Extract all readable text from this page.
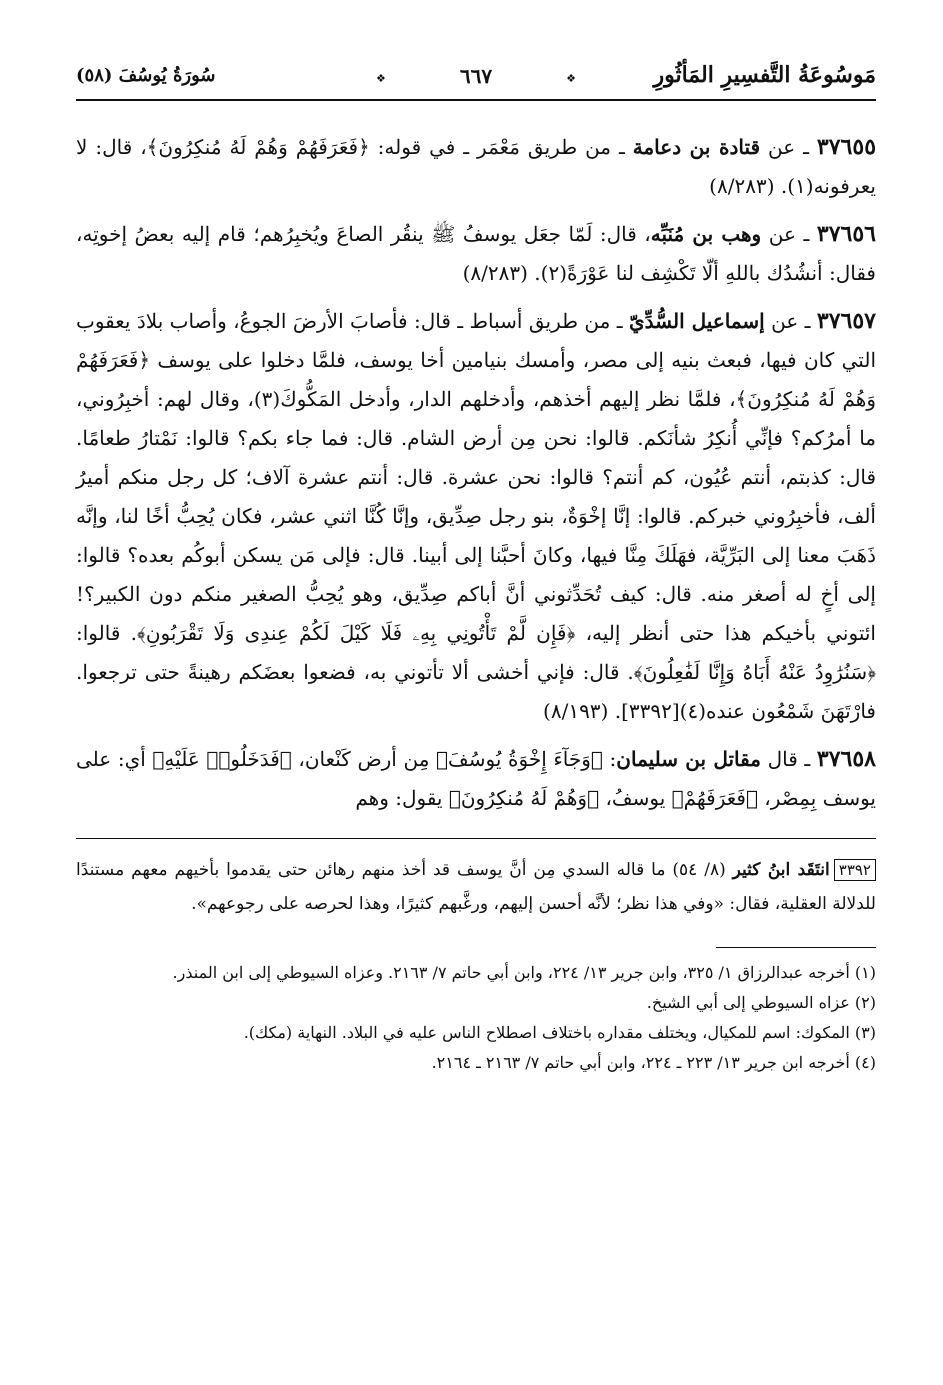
مَوسُوعَةُ التَّفسِيرِ المَأثُورِ
سُورَةُ يُوسُفَ (٥٨)	❖
٦٦٧
❖

٣٧٦٥٥ ـ عن قتادة بن دعامة ـ من طريق مَعْمَر ـ في قوله: ﴿فَعَرَفَهُمْ وَهُمْ لَهُ مُنكِرُونَ﴾، قال: لا يعرفونه(١). (٨/٢٨٣)

٣٧٦٥٦ ـ عن وهب بن مُنَبِّه، قال: لَمّا جعَل يوسفُ ﷺ ينقُر الصاعَ ويُخبِرُهم؛ قام إليه بعضُ إخوتِه، فقال: أنشُدُك باللهِ ألّا تَكْشِف لنا عَوْرَةً(٢). (٨/٢٨٣)

٣٧٦٥٧ ـ عن إسماعيل السُّدِّيّ ـ من طريق أسباط ـ قال: فأصابَ الأرضَ الجوعُ، وأصاب بلادَ يعقوب التي كان فيها، فبعث بنيه إلى مصر، وأمسك بنيامين أخا يوسف، فلمَّا دخلوا على يوسف ﴿فَعَرَفَهُمْ وَهُمْ لَهُ مُنكِرُونَ﴾، فلمَّا نظر إليهم أخذهم، وأدخلهم الدار، وأدخل المَكُّوكَ(٣)، وقال لهم: أخبِرُوني، ما أمرُكم؟ فإنِّي أُنكِرُ شأنَكم. قالوا: نحن مِن أرض الشام. قال: فما جاء بكم؟ قالوا: نَمْتارُ طعامًا. قال: كذبتم، أنتم عُيُون، كم أنتم؟ قالوا: نحن عشرة. قال: أنتم عشرة آلاف؛ كل رجل منكم أميرُ ألف، فأخبِرُوني خبركم. قالوا: إنَّا إخْوَةٌ، بنو رجل صِدِّيق، وإنَّا كُنَّا اثني عشر، فكان يُحِبُّ أخًا لنا، وإنَّه ذَهَبَ معنا إلى البَرِّيَّة، فهَلَكَ مِنَّا فيها، وكانَ أحبَّنا إلى أبينا. قال: فإلى مَن يسكن أبوكُم بعده؟ قالوا: إلى أخٍ له أصغر منه. قال: كيف تُحَدِّثوني أنَّ أباكم صِدِّيق، وهو يُحِبُّ الصغير منكم دون الكبير؟! ائتوني بأخيكم هذا حتى أنظر إليه، ﴿فَإِن لَّمْ تَأْتُونِي بِهِۦ فَلَا كَيْلَ لَكُمْ عِندِى وَلَا تَقْرَبُونِ﴾. قالوا: ﴿سَنُرَٰوِدُ عَنْهُ أَبَاهُ وَإِنَّا لَفَٰعِلُونَ﴾. قال: فإني أخشى ألا تأتوني به، فضعوا بعضَكم رهينةً حتى ترجعوا. فارْتَهَنَ شَمْعُون عنده(٤)[٣٣٩٢]. (٨/١٩٣)

٣٧٦٥٨ ـ قال مقاتل بن سليمان: ﴿وَجَآءَ إِخْوَةُ يُوسُفَ﴾ مِن أرض كَنْعان، ﴿فَدَخَلُوا۟ عَلَيْهِ﴾ أي: على يوسف بِمِصْر، ﴿فَعَرَفَهُمْ﴾ يوسفُ، ﴿وَهُمْ لَهُ مُنكِرُونَ﴾ يقول: وهم

٣٣٩٢انتَقَد ابنُ كثير (٨/ ٥٤) ما قاله السدي مِن أنَّ يوسف قد أخذ منهم رهائن حتى يقدموا بأخيهم معهم مستندًا للدلالة العقلية، فقال: «وفي هذا نظر؛ لأنَّه أحسن إليهم، ورغَّبهم كثيرًا، وهذا لحرصه على رجوعهم».

(١) أخرجه عبدالرزاق ١/ ٣٢٥، وابن جرير ١٣/ ٢٢٤، وابن أبي حاتم ٧/ ٢١٦٣. وعزاه السيوطي إلى ابن المنذر.

(٢) عزاه السيوطي إلى أبي الشيخ.

(٣) المكوك: اسم للمكيال، ويختلف مقداره باختلاف اصطلاح الناس عليه في البلاد. النهاية (مكك).

(٤) أخرجه ابن جرير ١٣/ ٢٢٣ ـ ٢٢٤، وابن أبي حاتم ٧/ ٢١٦٣ ـ ٢١٦٤.
